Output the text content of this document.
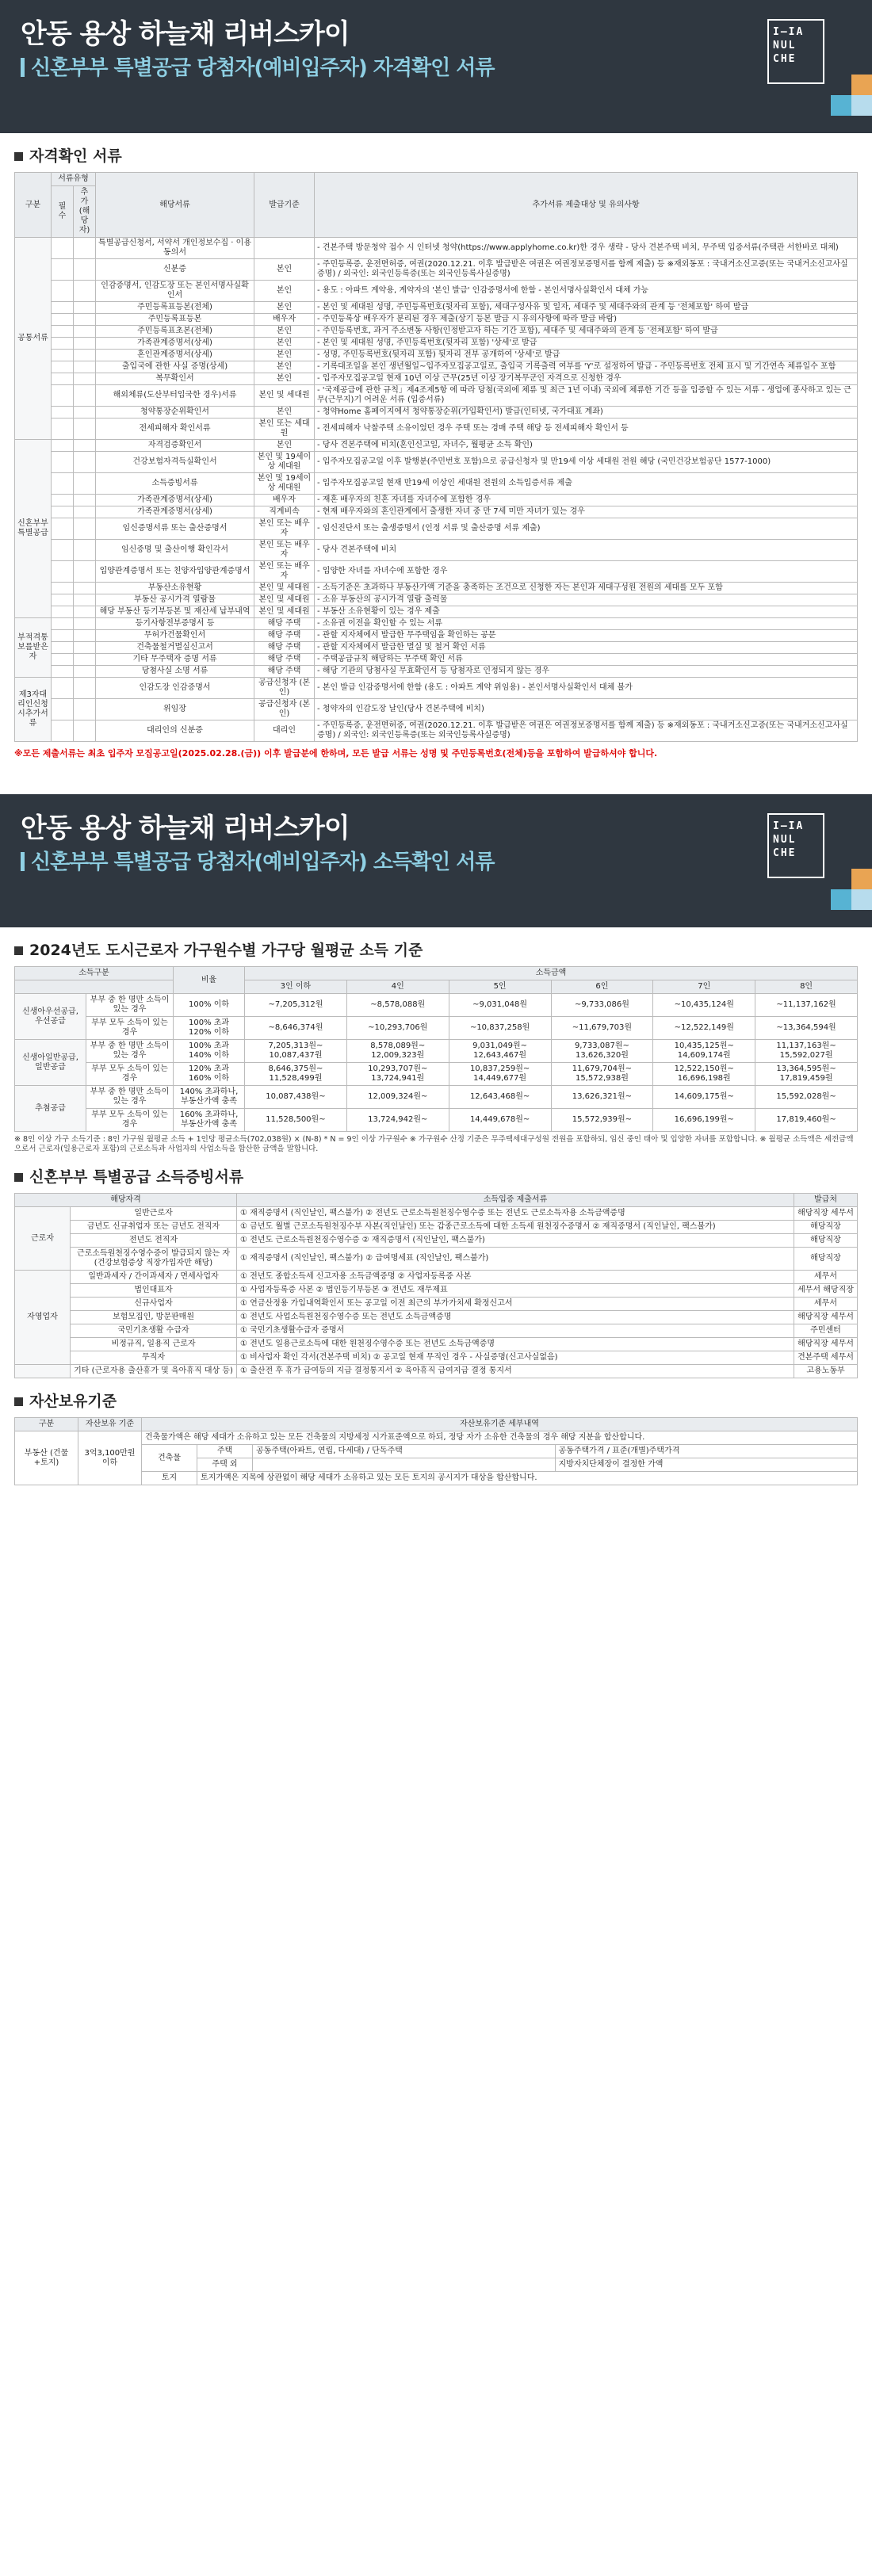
안동 용상 하늘채 리버스카이
신혼부부 특별공급 당첨자(예비입주자) 자격확인 서류
I—IA
NUL
CHE
자격확인 서류
구분	서류유형		해당서류	발급기준	추가서류 제출대상 및 유의사항
	필수	추가(해당자)			
공통서류			특별공급신청서, 서약서 개인정보수집 · 이용동의서		- 견본주택 방문청약 접수 시 인터넷 청약(https://www.applyhome.co.kr)한 경우 생략 - 당사 견본주택 비치, 무주택 입증서류(주택관 서한바로 대체)
			신분증	본인	- 주민등록증, 운전면허증, 여권(2020.12.21. 이후 발급받은 여권은 여권정보증명서를 함께 제출) 등 ※재외동포 : 국내거소신고증(또는 국내거소신고사실증명) / 외국인: 외국인등록증(또는 외국인등록사실증명)
			인감증명서, 인감도장 또는 본인서명사실확인서	본인	- 용도 : 아파트 계약용, 계약자의 '본인 발급' 인감증명서에 한함 - 본인서명사실확인서 대체 가능
			주민등록표등본(전체)	본인	- 본인 및 세대원 성명, 주민등록번호(뒷자리 포함), 세대구성사유 및 일자, 세대주 및 세대주와의 관계 등 '전체포함' 하여 발급
			주민등록표등본	배우자	- 주민등록상 배우자가 분리된 경우 제출(상기 등본 발급 시 유의사항에 따라 발급 바람)
			주민등록표초본(전체)	본인	- 주민등록번호, 과거 주소변동 사항(인정받고자 하는 기간 포함), 세대주 및 세대주와의 관계 등 '전체포함' 하여 발급
			가족관계증명서(상세)	본인	- 본인 및 세대원 성명, 주민등록번호(뒷자리 포함) '상세'로 발급
			혼인관계증명서(상세)	본인	- 성명, 주민등록번호(뒷자리 포함) 뒷자리 전부 공개하여 '상세'로 발급
			출입국에 관한 사실 증명(상세)	본인	- 기록대조일을 본인 생년월일~입주자모집공고일로, 출입국 기록출력 여부를 'Y'로 설정하여 발급 - 주민등록번호 전체 표시 및 기간연속 체류일수 포함
			복무확인서	본인	- 입주자모집공고일 현재 10년 이상 근무(25년 이상 장기복무군인 자격으로 신청한 경우
			해외체류(도산부터입국한 경우)서류	본인 및 세대원	- '국제공급에 관한 규칙」제4조제5항 에 따라 당첨(국외에 체류 및 최근 1년 이내) 국외에 체류한 기간 등을 입증할 수 있는 서류 - 생업에 종사하고 있는 근무(근무지)기 어려운 서류 (입증서류)
			청약통장순위확인서	본인	- 청약Home 홈페이지에서 청약통장순위(가입확인서) 발급(인터넷, 국가대표 계좌)
			전세피해자 확인서류	본인 또는 세대원	- 전세피해자 낙찰주택 소유이었던 경우 주택 또는 경매 주택 해당 등 전세피해자 확인서 등
신혼부부특별공급			자격검증확인서	본인	- 당사 견본주택에 비치(혼인신고일, 자녀수, 월평균 소득 확인)
			건강보험자격득실확인서	본인 및 19세이상 세대원	- 입주자모집공고일 이후 발행분(주민번호 포함)으로 공급신청자 및 만19세 이상 세대원 전원 해당 (국민건강보험공단 1577-1000)
			소득증빙서류	본인 및 19세이상 세대원	- 입주자모집공고일 현재 만19세 이상인 세대원 전원의 소득입증서류 제출
			가족관계증명서(상세)	배우자	- 재혼 배우자의 친혼 자녀를 자녀수에 포함한 경우
			가족관계증명서(상세)	직계비속	- 현재 배우자와의 혼인관계에서 출생한 자녀 중 만 7세 미만 자녀가 있는 경우
			임신증명서류 또는 출산증명서	본인 또는 배우자	- 임신진단서 또는 출생증명서 (인정 서류 및 출산증명 서류 제출)
			임신증명 및 출산이행 확인각서	본인 또는 배우자	- 당사 견본주택에 비치
			입양관계증명서 또는 친양자입양관계증명서	본인 또는 배우자	- 입양한 자녀를 자녀수에 포함한 경우
			부동산소유현황	본인 및 세대원	- 소득기준은 초과하나 부동산가액 기준을 충족하는 조건으로 신청한 자는 본인과 세대구성원 전원의 세대를 모두 포함
			부동산 공시가격 열람물	본인 및 세대원	- 소유 부동산의 공시가격 열람 출력물
			해당 부동산 등기부등본 및 재산세 납부내역	본인 및 세대원	- 부동산 소유현황이 있는 경우 제출
부적격통보를받은자			등기사항전부증명서 등	해당 주택	- 소유권 이전을 확인할 수 있는 서류
			무허가건물확인서	해당 주택	- 관할 지자체에서 발급한 무주택임을 확인하는 공문
			건축물철거멸실신고서	해당 주택	- 관할 지자체에서 발급한 멸실 및 철거 확인 서류
			기타 무주택자 증명 서류	해당 주택	- 주택공급규칙 해당하는 무주택 확인 서류
			당첨사실 소명 서류	해당 주택	- 해당 기관의 당첨사실 무효확인서 등 당첨자로 인정되지 않는 경우
제3자대리인신청시추가서류			인감도장 인감증명서	공급신청자 (본인)	- 본인 발급 인감증명서에 한함 (용도 : 아파트 계약 위임용) - 본인서명사실확인서 대체 불가
			위임장	공급신청자 (본인)	- 청약자의 인감도장 날인(당사 견본주택에 비치)
			대리인의 신분증	대리인	- 주민등록증, 운전면허증, 여권(2020.12.21. 이후 발급받은 여권은 여권정보증명서를 함께 제출) 등 ※재외동포 : 국내거소신고증(또는 국내거소신고사실증명) / 외국인: 외국인등록증(또는 외국인등록사실증명)
※모든 제출서류는 최초 입주자 모집공고일(2025.02.28.(금)) 이후 발급분에 한하며, 모든 발급 서류는 성명 및 주민등록번호(전체)등을 포함하여 발급하셔야 합니다.
안동 용상 하늘채 리버스카이
신혼부부 특별공급 당첨자(예비입주자) 소득확인 서류
I—IA
NUL
CHE
2024년도 도시근로자 가구원수별 가구당 월평균 소득 기준
소득구분		비율	소득금액					
			3인 이하	4인	5인	6인	7인	8인
신생아우선공급, 우선공급	부부 중 한 명만 소득이 있는 경우	100% 이하	~7,205,312원	~8,578,088원	~9,031,048원	~9,733,086원	~10,435,124원	~11,137,162원
	부부 모두 소득이 있는 경우	100% 초과 120% 이하	~8,646,374원	~10,293,706원	~10,837,258원	~11,679,703원	~12,522,149원	~13,364,594원
신생아일반공급, 일반공급	부부 중 한 명만 소득이 있는 경우	100% 초과 140% 이하	7,205,313원~ 10,087,437원	8,578,089원~ 12,009,323원	9,031,049원~ 12,643,467원	9,733,087원~ 13,626,320원	10,435,125원~ 14,609,174원	11,137,163원~ 15,592,027원
	부부 모두 소득이 있는 경우	120% 초과 160% 이하	8,646,375원~ 11,528,499원	10,293,707원~ 13,724,941원	10,837,259원~ 14,449,677원	11,679,704원~ 15,572,938원	12,522,150원~ 16,696,198원	13,364,595원~ 17,819,459원
추첨공급	부부 중 한 명만 소득이 있는 경우	140% 초과하나, 부동산가액 충족	10,087,438원~	12,009,324원~	12,643,468원~	13,626,321원~	14,609,175원~	15,592,028원~
	부부 모두 소득이 있는 경우	160% 초과하나, 부동산가액 충족	11,528,500원~	13,724,942원~	14,449,678원~	15,572,939원~	16,696,199원~	17,819,460원~
※ 8인 이상 가구 소득기준 : 8인 가구원 월평균 소득 + 1인당 평균소득(702,038원) × (N-8) * N = 9인 이상 가구원수 ※ 가구원수 산정 기준은 무주택세대구성원 전원을 포함하되, 임신 중인 태아 및 입양한 자녀를 포함합니다. ※ 월평균 소득액은 세전금액으로서 근로자(일용근로자 포함)의 근로소득과 사업자의 사업소득을 합산한 금액을 말합니다.
신혼부부 특별공급 소득증빙서류
해당자격		소득입증 제출서류	발급처
근로자	일반근로자	① 재직증명서 (직인날인, 팩스불가) ② 전년도 근로소득원천징수영수증 또는 전년도 근로소득자용 소득금액증명	해당직장 세무서
	금년도 신규취업자 또는 금년도 전직자	① 금년도 월별 근로소득원천징수부 사본(직인날인) 또는 갑종근로소득에 대한 소득세 원천징수증명서 ② 재직증명서 (직인날인, 팩스불가)	해당직장
	전년도 전직자	① 전년도 근로소득원천징수영수증 ② 재직증명서 (직인날인, 팩스불가)	해당직장
	근로소득원천징수영수증이 발급되지 않는 자 (건강보험증상 직장가입자만 해당)	① 재직증명서 (직인날인, 팩스불가) ② 급여명세표 (직인날인, 팩스불가)	해당직장
자영업자	일반과세자 / 간이과세자 / 면세사업자	① 전년도 종합소득세 신고자용 소득금액증명 ② 사업자등록증 사본	세무서
	법인대표자	① 사업자등록증 사본 ② 법인등기부등본 ③ 전년도 재무제표	세무서 해당직장
	신규사업자	① 연금산정용 가입내역확인서 또는 공고일 이전 최근의 부가가치세 확정신고서	세무서
	보험모집인, 방문판매원	① 전년도 사업소득원천징수영수증 또는 전년도 소득금액증명	해당직장 세무서
	국민기초생활 수급자	① 국민기초생활수급자 증명서	주민센터
	비정규직, 일용직 근로자	① 전년도 일용근로소득에 대한 원천징수영수증 또는 전년도 소득금액증명	해당직장 세무서
	무직자	① 비사업자 확인 각서(견본주택 비치) ② 공고일 현재 무직인 경우 - 사실증명(신고사실없음)	견본주택 세무서
	기타 (근로자용 출산휴가 및 육아휴직 대상 등)	① 출산전 후 휴가 급여등의 지급 결정통지서 ② 육아휴직 급여지급 결정 통지서	고용노동부
자산보유기준
구분	자산보유 기준	자산보유기준 세부내역			
부동산 (건물+토지)	3억3,100만원 이하	건축물가액은 해당 세대가 소유하고 있는 모든 건축물의 지방세정 시가표준액으로 하되, 정당 자가 소유한 건축물의 경우 해당 지분을 합산합니다.			
		건축물	주택	공동주택(아파트, 연립, 다세대) / 단독주택	공동주택가격 / 표준(개별)주택가격
			주택 외		지방자치단체장이 결정한 가액
		토지	토지가액은 지목에 상관없이 해당 세대가 소유하고 있는 모든 토지의 공시지가 대상을 합산합니다.		
